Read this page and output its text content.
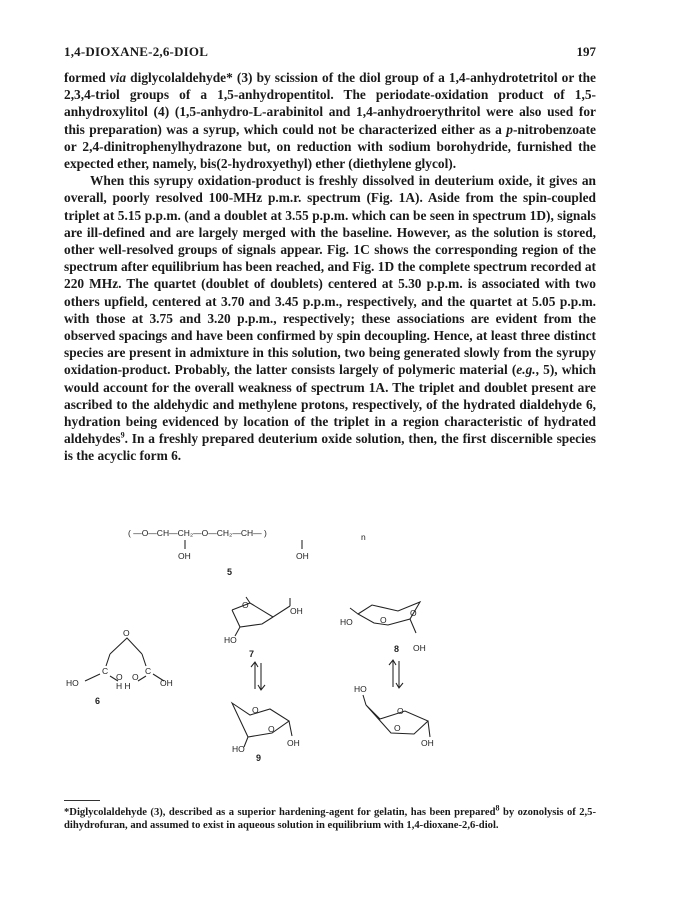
1,4-DIOXANE-2,6-DIOL	197

formed via diglycolaldehyde* (3) by scission of the diol group of a 1,4-anhydrotetritol or the 2,3,4-triol groups of a 1,5-anhydropentitol. The periodate-oxidation product of 1,5-anhydroxylitol (4) (1,5-anhydro-L-arabinitol and 1,4-anhydroerythritol were also used for this preparation) was a syrup, which could not be characterized either as a p-nitrobenzoate or 2,4-dinitrophenylhydrazone but, on reduction with sodium borohydride, furnished the expected ether, namely, bis(2-hydroxyethyl) ether (diethylene glycol).

When this syrupy oxidation-product is freshly dissolved in deuterium oxide, it gives an overall, poorly resolved 100-MHz p.m.r. spectrum (Fig. 1A). Aside from the spin-coupled triplet at 5.15 p.p.m. (and a doublet at 3.55 p.p.m. which can be seen in spectrum 1D), signals are ill-defined and are largely merged with the baseline. However, as the solution is stored, other well-resolved groups of signals appear. Fig. 1C shows the corresponding region of the spectrum after equilibrium has been reached, and Fig. 1D the complete spectrum recorded at 220 MHz. The quartet (doublet of doublets) centered at 5.30 p.p.m. is associated with two others upfield, centered at 3.70 and 3.45 p.p.m., respectively, and the quartet at 5.05 p.p.m. with those at 3.75 and 3.20 p.p.m., respectively; these associations are evident from the observed spacings and have been confirmed by spin decoupling. Hence, at least three distinct species are present in admixture in this solution, two being generated slowly from the syrupy oxidation-product. Probably, the latter consists largely of polymeric material (e.g., 5), which would account for the overall weakness of spectrum 1A. The triplet and doublet present are ascribed to the aldehydic and methylene protons, respectively, of the hydrated dialdehyde 6, hydration being evidenced by location of the triplet in a region characteristic of hydrated aldehydes$^9$. In a freshly prepared deuterium oxide solution, then, the first discernible species is the acyclic form 6.

( —O—CH—CH₂—O—CH₂—CH— )	n
OH	OH
5
O
C	C
HO	OH
O O
H H
6
O
OH
HO
7
O
O
HO
OH
8
O
O
HO
OH
9
O
O
HO
OH
*Diglycolaldehyde (3), described as a superior hardening-agent for gelatin, has been prepared$^8$ by ozonolysis of 2,5-dihydrofuran, and assumed to exist in aqueous solution in equilibrium with 1,4-dioxane-2,6-diol.
